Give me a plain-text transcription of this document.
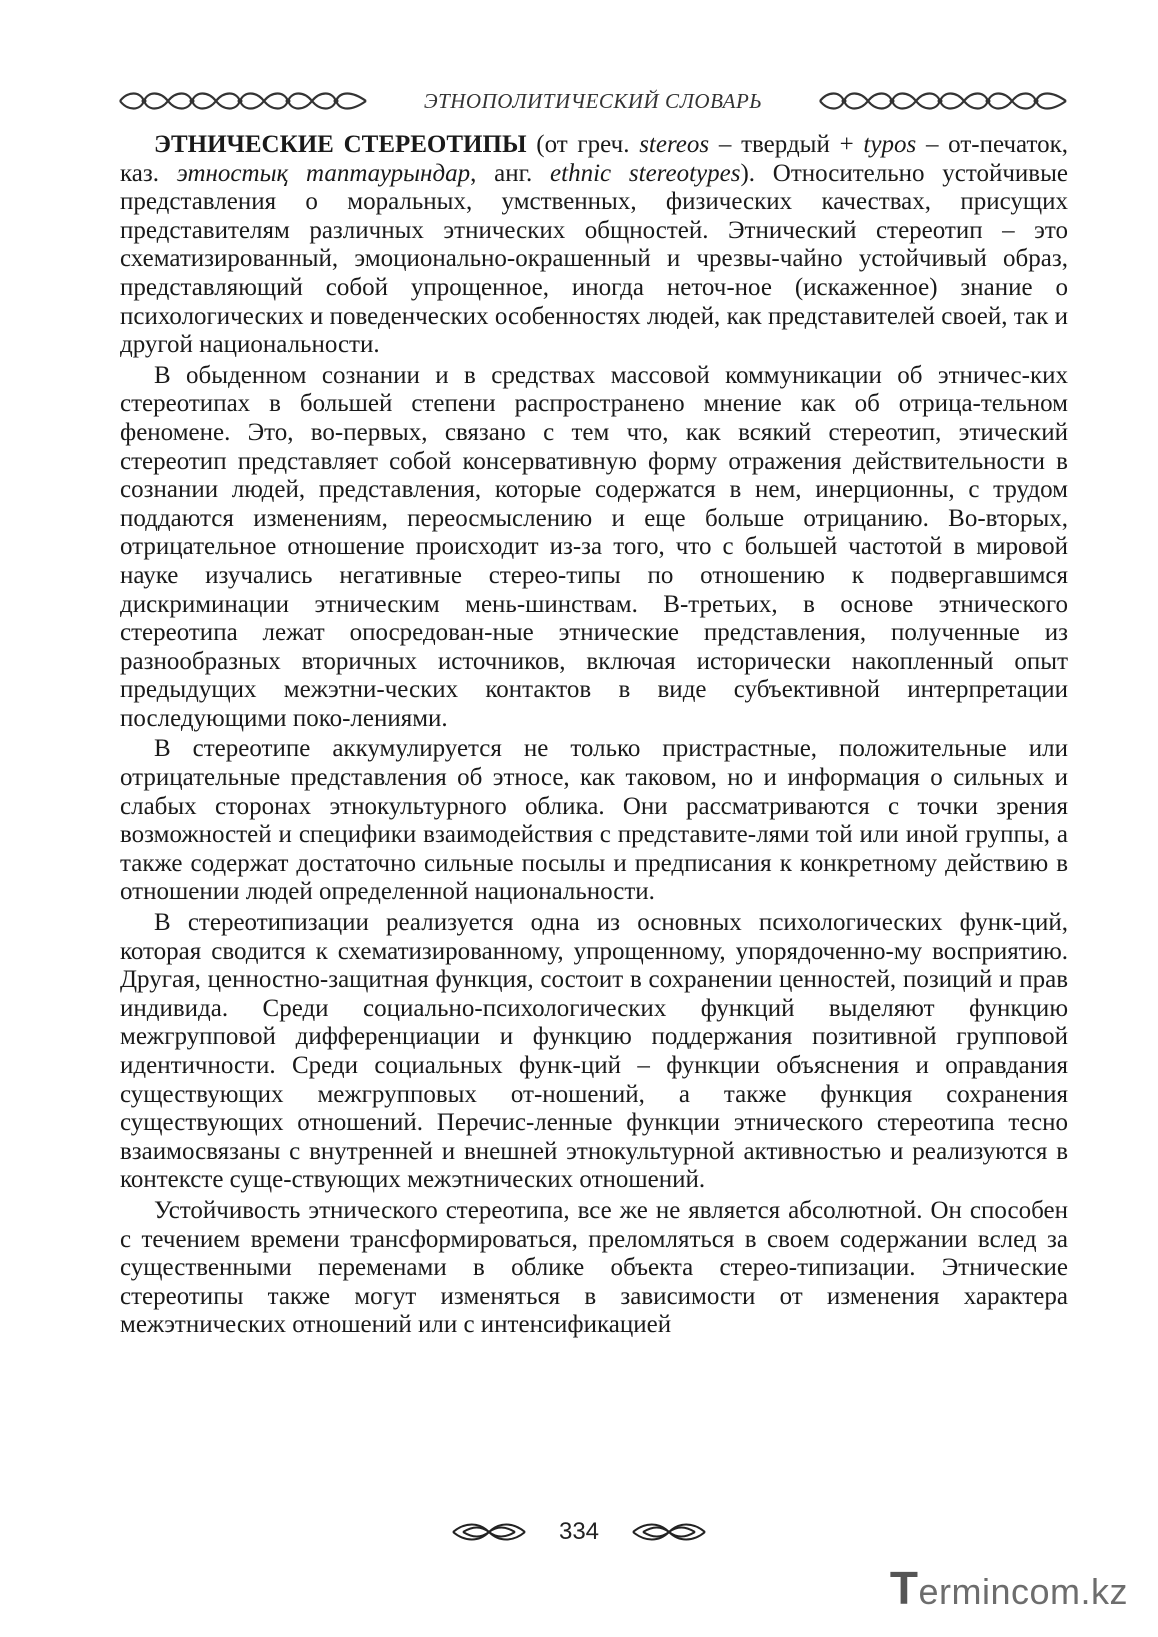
ЭТНОПОЛИТИЧЕСКИЙ СЛОВАРЬ

ЭТНИЧЕСКИЕ СТЕРЕОТИПЫ (от греч. stereos – твердый + typos – от-печаток, каз. этностық таптаурындар, анг. ethnic stereotypes). Относительно устойчивые представления о моральных, умственных, физических качествах, присущих представителям различных этнических общностей. Этнический стереотип – это схематизированный, эмоционально-окрашенный и чрезвы-чайно устойчивый образ, представляющий собой упрощенное, иногда неточ-ное (искаженное) знание о психологических и поведенческих особенностях людей, как представителей своей, так и другой национальности.

В обыденном сознании и в средствах массовой коммуникации об этничес-ких стереотипах в большей степени распространено мнение как об отрица-тельном феномене. Это, во-первых, связано с тем что, как всякий стереотип, этический стереотип представляет собой консервативную форму отражения действительности в сознании людей, представления, которые содержатся в нем, инерционны, с трудом поддаются изменениям, переосмыслению и еще больше отрицанию. Во-вторых, отрицательное отношение происходит из-за того, что с большей частотой в мировой науке изучались негативные стерео-типы по отношению к подвергавшимся дискриминации этническим мень-шинствам. В-третьих, в основе этнического стереотипа лежат опосредован-ные этнические представления, полученные из разнообразных вторичных источников, включая исторически накопленный опыт предыдущих межэтни-ческих контактов в виде субъективной интерпретации последующими поко-лениями.

В стереотипе аккумулируется не только пристрастные, положительные или отрицательные представления об этносе, как таковом, но и информация о сильных и слабых сторонах этнокультурного облика. Они рассматриваются с точки зрения возможностей и специфики взаимодействия с представите-лями той или иной группы, а также содержат достаточно сильные посылы и предписания к конкретному действию в отношении людей определенной национальности.

В стереотипизации реализуется одна из основных психологических функ-ций, которая сводится к схематизированному, упрощенному, упорядоченно-му восприятию. Другая, ценностно-защитная функция, состоит в сохранении ценностей, позиций и прав индивида. Среди социально-психологических функций выделяют функцию межгрупповой дифференциации и функцию поддержания позитивной групповой идентичности. Среди социальных функ-ций – функции объяснения и оправдания существующих межгрупповых от-ношений, а также функция сохранения существующих отношений. Перечис-ленные функции этнического стереотипа тесно взаимосвязаны с внутренней и внешней этнокультурной активностью и реализуются в контексте суще-ствующих межэтнических отношений.

Устойчивость этнического стереотипа, все же не является абсолютной. Он способен с течением времени трансформироваться, преломляться в своем содержании вслед за существенными переменами в облике объекта стерео-типизации. Этнические стереотипы также могут изменяться в зависимости от изменения характера межэтнических отношений или с интенсификацией

334
Termincom.kz
